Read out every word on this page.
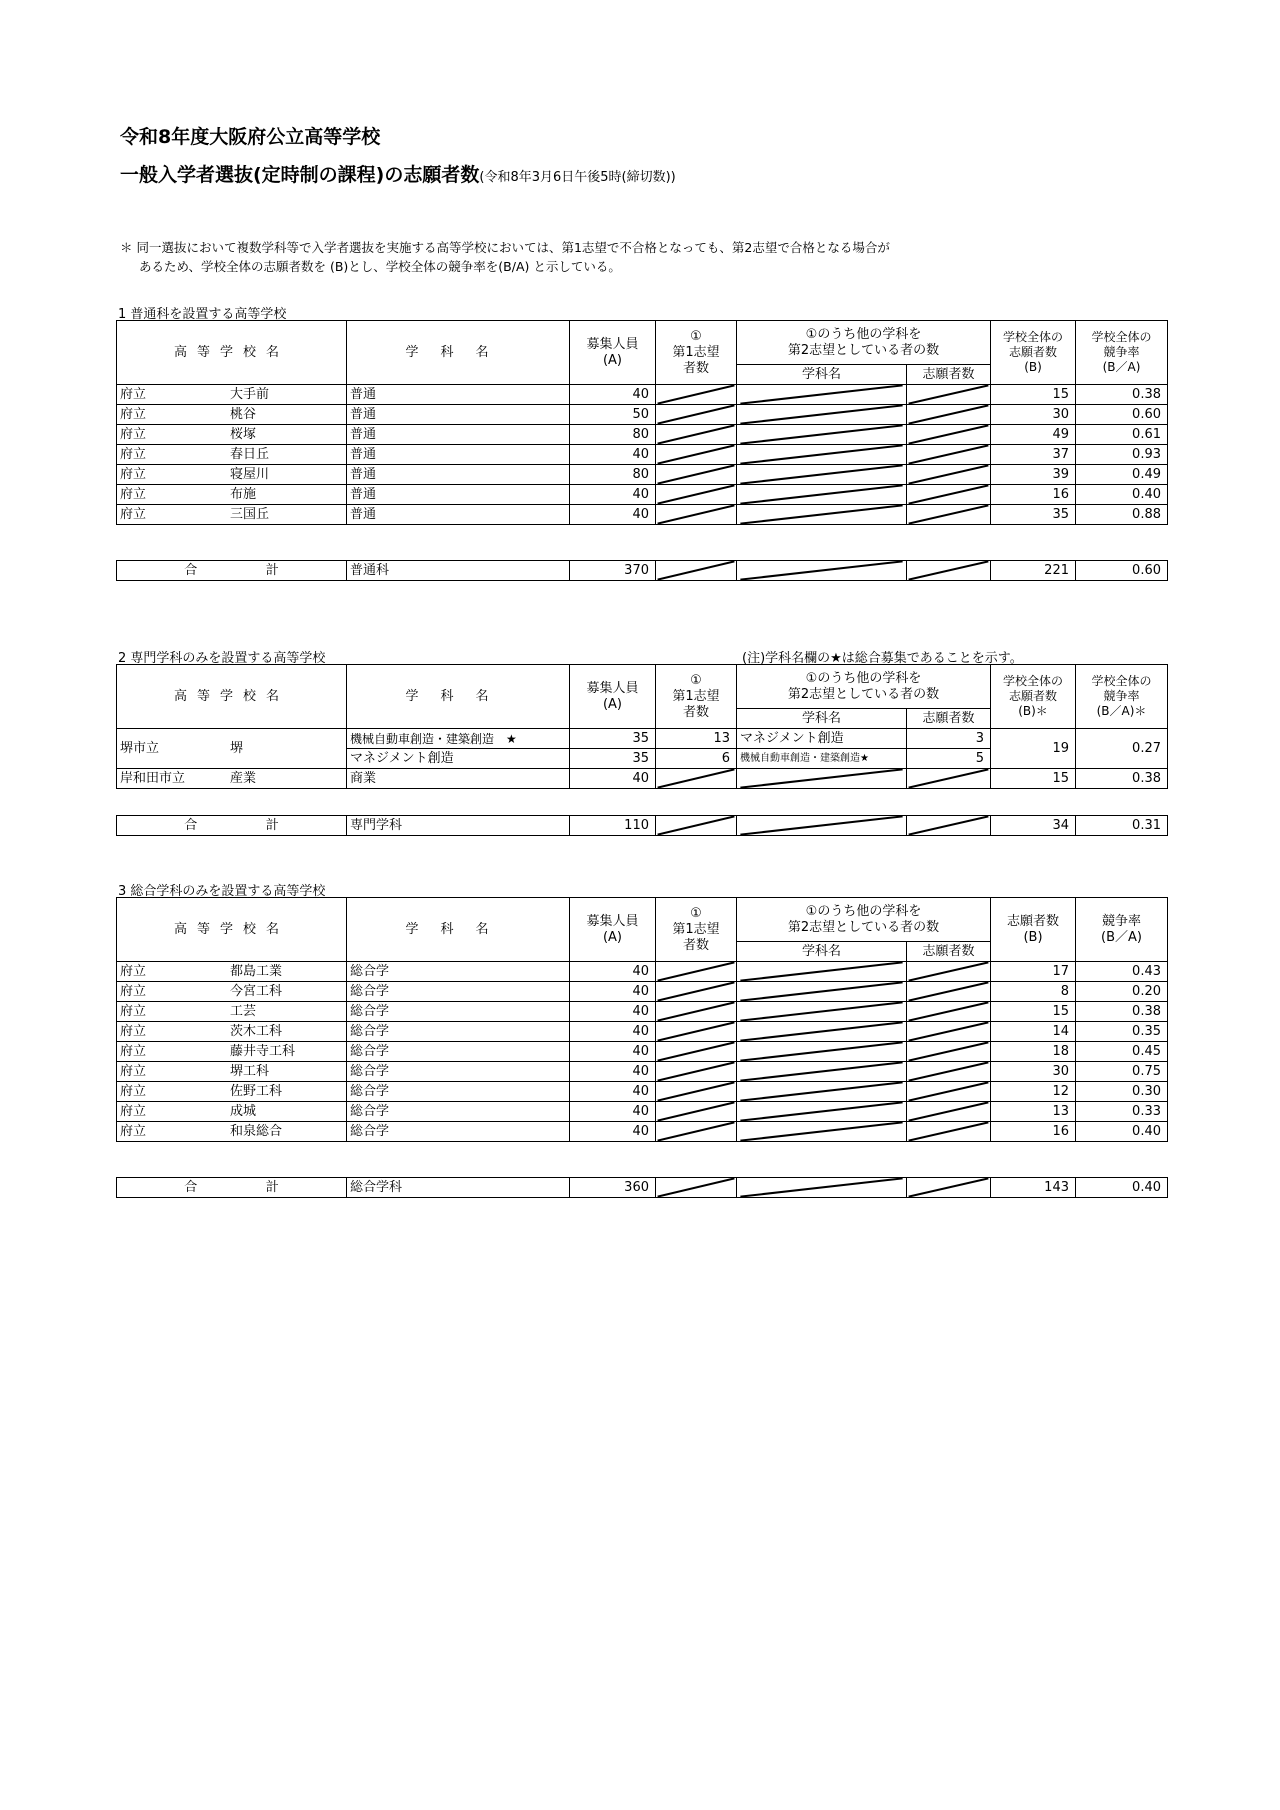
令和8年度大阪府公立高等学校
一般入学者選抜(定時制の課程)の志願者数(令和8年3月6日午後5時(締切数))
＊ 同一選抜において複数学科等で入学者選抜を実施する高等学校においては、第1志望で不合格となっても、第2志望で合格となる場合が
あるため、学校全体の志願者数を (B)とし、学校全体の競争率を(B/A) と示している。
1 普通科を設置する高等学校
高等学校名	学科名	
募集人員
(A)

①
第1志望
者数

①のうち他の学科を
第2志望としている者の数

学校全体の
志願者数
(B)

学校全体の
競争率
(B／A)

				学科名	志願者数		

府立 大手前	普通	40				15	0.38

府立 桃谷	普通	50				30	0.60

府立 桜塚	普通	80				49	0.61

府立 春日丘	普通	40				37	0.93

府立 寝屋川	普通	80				39	0.49

府立 布施	普通	40				16	0.40

府立 三国丘	普通	40				35	0.88
合	計	普通科	370				221	0.60
2 専門学科のみを設置する高等学校	(注)学科名欄の★は総合募集であることを示す。
高等学校名	学科名	
募集人員
(A)

①
第1志望
者数

①のうち他の学科を
第2志望としている者の数

学校全体の
志願者数
(B)＊

学校全体の
競争率
(B／A)＊

				学科名	志願者数		

堺市立 堺	機械自動車創造・建築創造　★	35	13	マネジメント創造	3	19	0.27
	マネジメント創造	35	6	機械自動車創造・建築創造★	5		

岸和田市立 産業	商業	40				15	0.38
合	計	専門学科	110				34	0.31
3 総合学科のみを設置する高等学校
高等学校名	学科名	
募集人員
(A)

①
第1志望
者数

①のうち他の学科を
第2志望としている者の数	志願者数
(B)

競争率
(B／A)

				学科名	志願者数		

府立 都島工業	総合学	40				17	0.43

府立 今宮工科	総合学	40				8	0.20

府立 工芸	総合学	40				15	0.38

府立 茨木工科	総合学	40				14	0.35

府立 藤井寺工科	総合学	40				18	0.45

府立 堺工科	総合学	40				30	0.75

府立 佐野工科	総合学	40				12	0.30

府立 成城	総合学	40				13	0.33

府立 和泉総合	総合学	40				16	0.40
合	計	総合学科	360				143	0.40
